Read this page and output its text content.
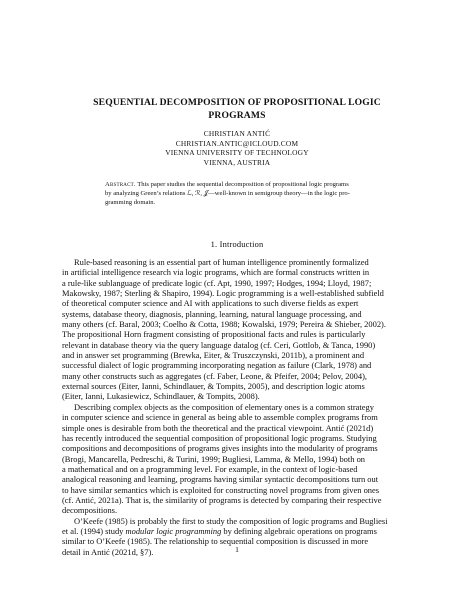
SEQUENTIAL DECOMPOSITION OF PROPOSITIONAL LOGIC
PROGRAMS
CHRISTIAN ANTIĆ
CHRISTIAN.ANTIC@ICLOUD.COM
VIENNA UNIVERSITY OF TECHNOLOGY
VIENNA, AUSTRIA
Abstract. This paper studies the sequential decomposition of propositional logic programs
by analyzing Green’s relations ℒ, ℛ, 𝒥—well-known in semigroup theory—in the logic pro-
gramming domain.
1. Introduction
Rule-based reasoning is an essential part of human intelligence prominently formalized
in artificial intelligence research via logic programs, which are formal constructs written in
a rule-like sublanguage of predicate logic (cf. Apt, 1990, 1997; Hodges, 1994; Lloyd, 1987;
Makowsky, 1987; Sterling & Shapiro, 1994). Logic programming is a well-established subfield
of theoretical computer science and AI with applications to such diverse fields as expert
systems, database theory, diagnosis, planning, learning, natural language processing, and
many others (cf. Baral, 2003; Coelho & Cotta, 1988; Kowalski, 1979; Pereira & Shieber, 2002).
The propositional Horn fragment consisting of propositional facts and rules is particularly
relevant in database theory via the query language datalog (cf. Ceri, Gottlob, & Tanca, 1990)
and in answer set programming (Brewka, Eiter, & Truszczynski, 2011b), a prominent and
successful dialect of logic programming incorporating negation as failure (Clark, 1978) and
many other constructs such as aggregates (cf. Faber, Leone, & Pfeifer, 2004; Pelov, 2004),
external sources (Eiter, Ianni, Schindlauer, & Tompits, 2005), and description logic atoms
(Eiter, Ianni, Lukasiewicz, Schindlauer, & Tompits, 2008).
Describing complex objects as the composition of elementary ones is a common strategy
in computer science and science in general as being able to assemble complex programs from
simple ones is desirable from both the theoretical and the practical viewpoint. Antić (2021d)
has recently introduced the sequential composition of propositional logic programs. Studying
compositions and decompositions of programs gives insights into the modularity of programs
(Brogi, Mancarella, Pedreschi, & Turini, 1999; Bugliesi, Lamma, & Mello, 1994) both on
a mathematical and on a programming level. For example, in the context of logic-based
analogical reasoning and learning, programs having similar syntactic decompositions turn out
to have similar semantics which is exploited for constructing novel programs from given ones
(cf. Antić, 2021a). That is, the similarity of programs is detected by comparing their respective
decompositions.
O’Keefe (1985) is probably the first to study the composition of logic programs and Bugliesi
et al. (1994) study modular logic programming by defining algebraic operations on programs
similar to O’Keefe (1985). The relationship to sequential composition is discussed in more
detail in Antić (2021d, §7).	1
